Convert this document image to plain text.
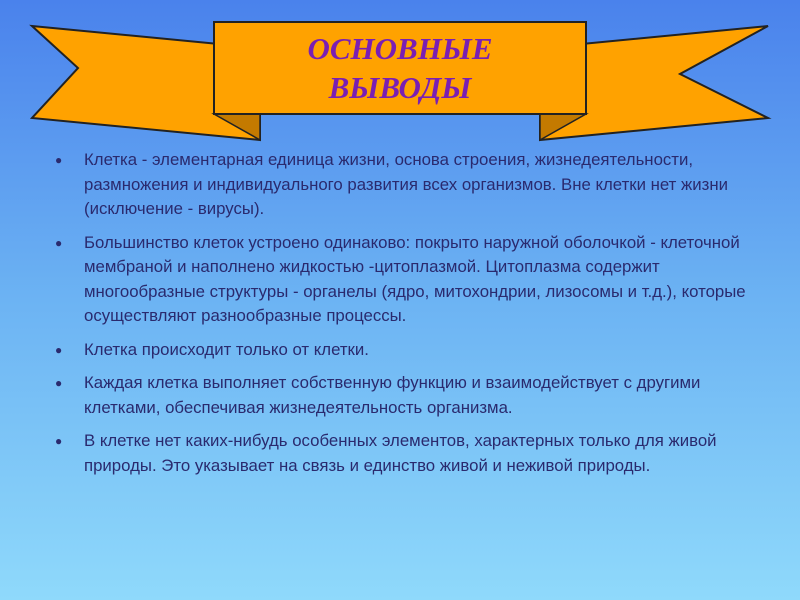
ОСНОВНЫЕ
ВЫВОДЫ
● Клетка - элементарная единица жизни, основа строения, жизнедеятельности, размножения и индивидуального развития всех организмов. Вне клетки нет жизни (исключение - вирусы).
● Большинство клеток устроено одинаково: покрыто наружной оболочкой - клеточной мембраной и наполнено жидкостью -цитоплазмой. Цитоплазма содержит многообразные структуры - органелы (ядро, митохондрии, лизосомы и т.д.), которые осуществляют разнообразные процессы.
● Клетка происходит только от клетки.
● Каждая клетка выполняет собственную функцию и взаимодействует с другими клетками, обеспечивая жизнедеятельность организма.
● В клетке нет каких-нибудь особенных элементов, характерных только для живой природы. Это указывает на связь и единство живой и неживой природы.
